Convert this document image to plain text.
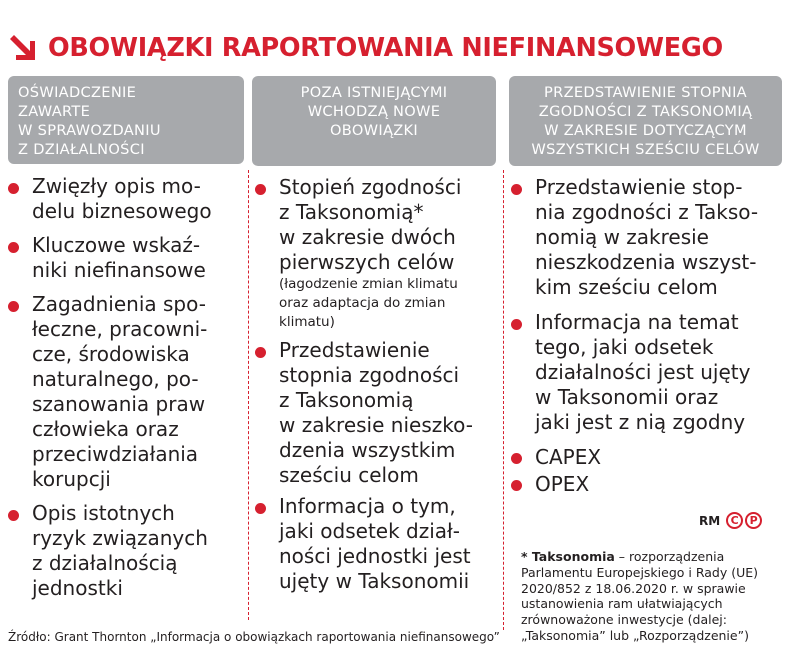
OBOWIĄZKI RAPORTOWANIA NIEFINANSOWEGO
OŚWIADCZENIE
ZAWARTE
W SPRAWOZDANIU
Z DZIAŁALNOŚCI
Zwięzły opis mo-
delu biznesowego
Kluczowe wskaź-
niki niefinansowe
Zagadnienia spo-
łeczne, pracowni-
cze, środowiska
naturalnego, po-
szanowania praw
człowieka oraz
przeciwdziałania
korupcji
Opis istotnych
ryzyk związanych
z działalnością
jednostki
POZA ISTNIEJĄCYMI
WCHODZĄ NOWE
OBOWIĄZKI
Stopień zgodności
z Taksonomią*
w zakresie dwóch
pierwszych celów
(łagodzenie zmian klimatu
oraz adaptacja do zmian
klimatu)
Przedstawienie
stopnia zgodności
z Taksonomią
w zakresie nieszko-
dzenia wszystkim
sześciu celom
Informacja o tym,
jaki odsetek dział-
ności jednostki jest
ujęty w Taksonomii
PRZEDSTAWIENIE STOPNIA
ZGODNOŚCI Z TAKSONOMIĄ
W ZAKRESIE DOTYCZĄCYM
WSZYSTKICH SZEŚCIU CELÓW
Przedstawienie stop-
nia zgodności z Takso-
nomią w zakresie
nieszkodzenia wszyst-
kim sześciu celom
Informacja na temat
tego, jaki odsetek
działalności jest ujęty
w Taksonomii oraz
jaki jest z nią zgodny
CAPEX
OPEX
RM C P
* Taksonomia – rozporządzenia
Parlamentu Europejskiego i Rady (UE)
2020/852 z 18.06.2020 r. w sprawie
ustanowienia ram ułatwiających
zrównoważone inwestycje (dalej:
„Taksonomia” lub „Rozporządzenie”)
Źródło: Grant Thornton „Informacja o obowiązkach raportowania niefinansowego”
